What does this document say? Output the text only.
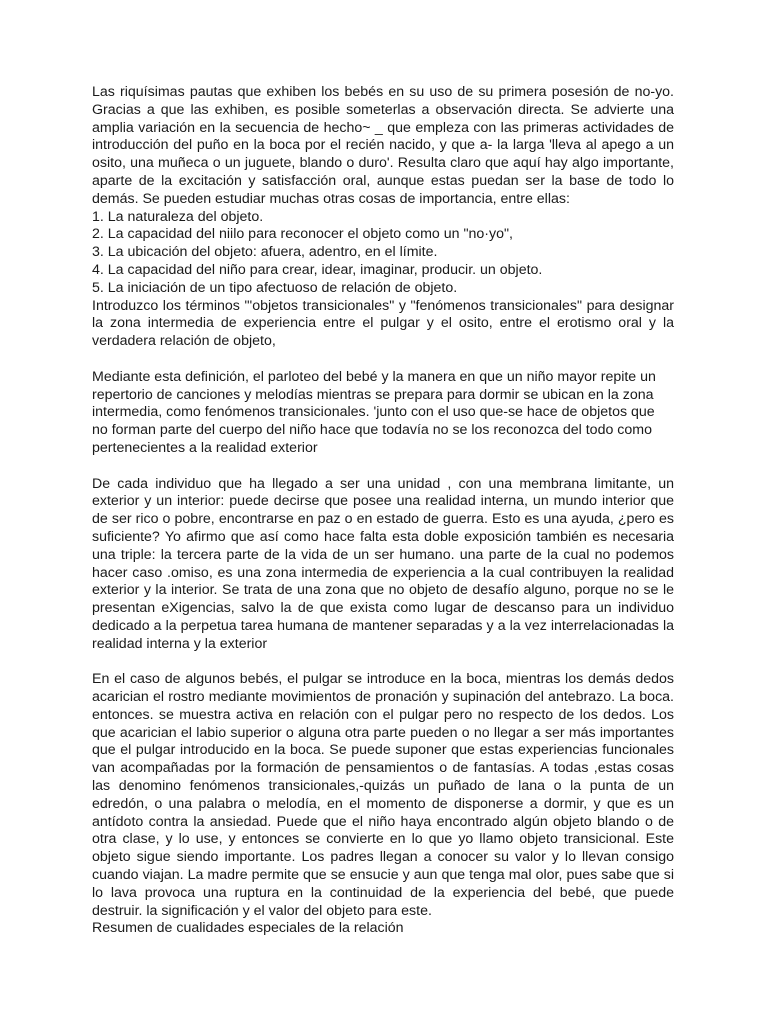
Las riquísimas pautas que exhiben los bebés en su uso de su primera posesión de no-yo. Gracias a que las exhiben, es posible someterlas a observación directa. Se advierte una amplia variación en la secuencia de hecho~ _ que empleza con las primeras actividades de introducción del puño en la boca por el recién nacido, y que a- la larga 'lleva al apego a un osito, una muñeca o un juguete, blando o duro'. Resulta claro que aquí hay algo importante, aparte de la excitación y satisfacción oral, aunque estas puedan ser la base de todo lo demás. Se pueden estudiar muchas otras cosas de importancia, entre ellas:

1. La naturaleza del objeto.
2. La capacidad del niilo para reconocer el objeto como un "no·yo",
3. La ubicación del objeto: afuera, adentro, en el límite.
4. La capacidad del niño para crear, idear, imaginar, producir. un objeto.
5. La iniciación de un tipo afectuoso de relación de objeto.

Introduzco los términos "'objetos transicionales" y "fenómenos transicionales" para designar la zona intermedia de experiencia entre el pulgar y el osito, entre el erotismo oral y la verdadera relación de objeto,

Mediante esta definición, el parloteo del bebé y la manera en que un niño mayor repite un repertorio de canciones y melodías mientras se prepara para dormir se ubican en la zona intermedia, como fenómenos transicionales. 'junto con el uso que-se hace de objetos que no forman parte del cuerpo del niño hace que todavía no se los reconozca del todo como pertenecientes a la realidad exterior

De cada individuo que ha llegado a ser una unidad , con una membrana limitante, un exterior y un interior: puede decirse que posee una realidad interna, un mundo interior que de ser rico o pobre, encontrarse en paz o en estado de guerra. Esto es una ayuda, ¿pero es suficiente? Yo afirmo que así como hace falta esta doble exposición también es necesaria una triple: la tercera parte de la vida de un ser humano. una parte de la cual no podemos hacer caso .omiso, es una zona intermedia de experiencia a la cual contribuyen la realidad exterior y la interior. Se trata de una zona que no objeto de desafío alguno, porque no se le presentan eXigencias, salvo la de que exista como lugar de descanso para un individuo dedicado a la perpetua tarea humana de mantener separadas y a la vez interrelacionadas la realidad interna y la exterior

En el caso de algunos bebés, el pulgar se introduce en la boca, mientras los demás dedos acarician el rostro mediante movimientos de pronación y supinación del antebrazo. La boca. entonces. se muestra activa en relación con el pulgar pero no respecto de los dedos. Los que acarician el labio superior o alguna otra parte pueden o no llegar a ser más importantes que el pulgar introducido en la boca. Se puede suponer que estas experiencias funcionales van acompañadas por la formación de pensamientos o de fantasías. A todas ,estas cosas las denomino fenómenos transicionales,-quizás un puñado de lana o la punta de un edredón, o una palabra o melodía, en el momento de disponerse a dormir, y que es un antídoto contra la ansiedad. Puede que el niño haya encontrado algún objeto blando o de otra clase, y lo use, y entonces se convierte en lo que yo llamo objeto transicional. Este objeto sigue siendo importante. Los padres llegan a conocer su valor y lo llevan consigo cuando viajan. La madre permite que se ensucie y aun que tenga mal olor, pues sabe que si lo lava provoca una ruptura en la continuidad de la experiencia del bebé, que puede destruir. la significación y el valor del objeto para este.

Resumen de cualidades especiales de la relación
